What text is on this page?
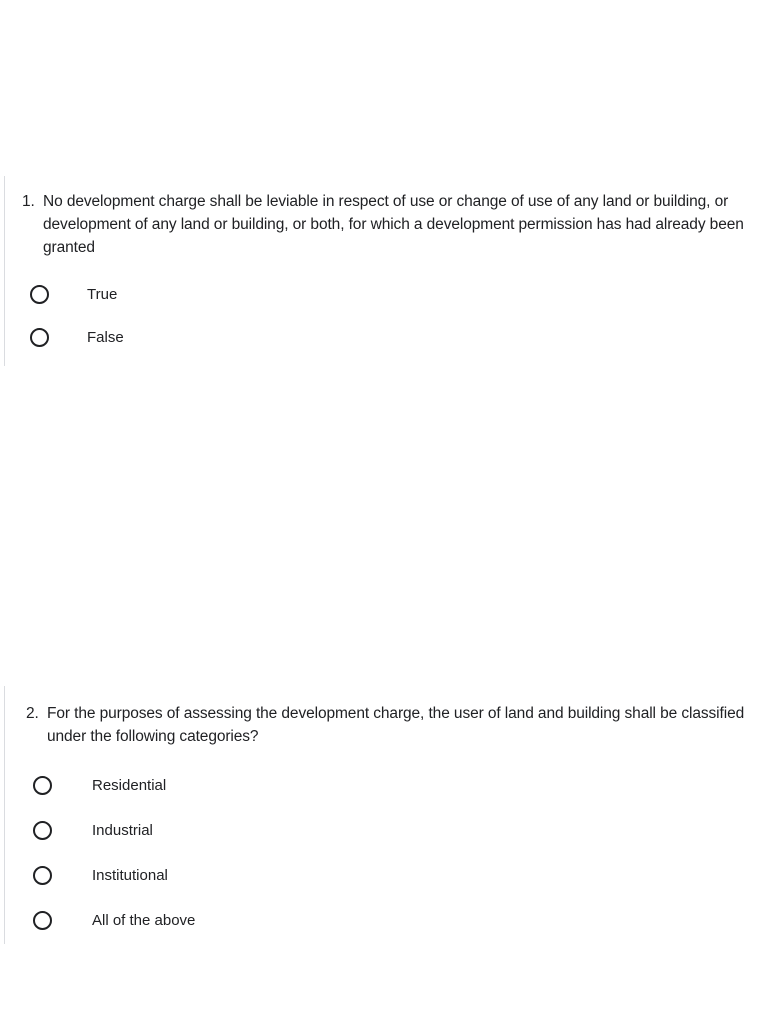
1. No development charge shall be leviable in respect of use or change of use of any land or building, or development of any land or building, or both, for which a development permission has had already been granted
True
False
2. For the purposes of assessing the development charge, the user of land and building shall be classified under the following categories?
Residential
Industrial
Institutional
All of the above
